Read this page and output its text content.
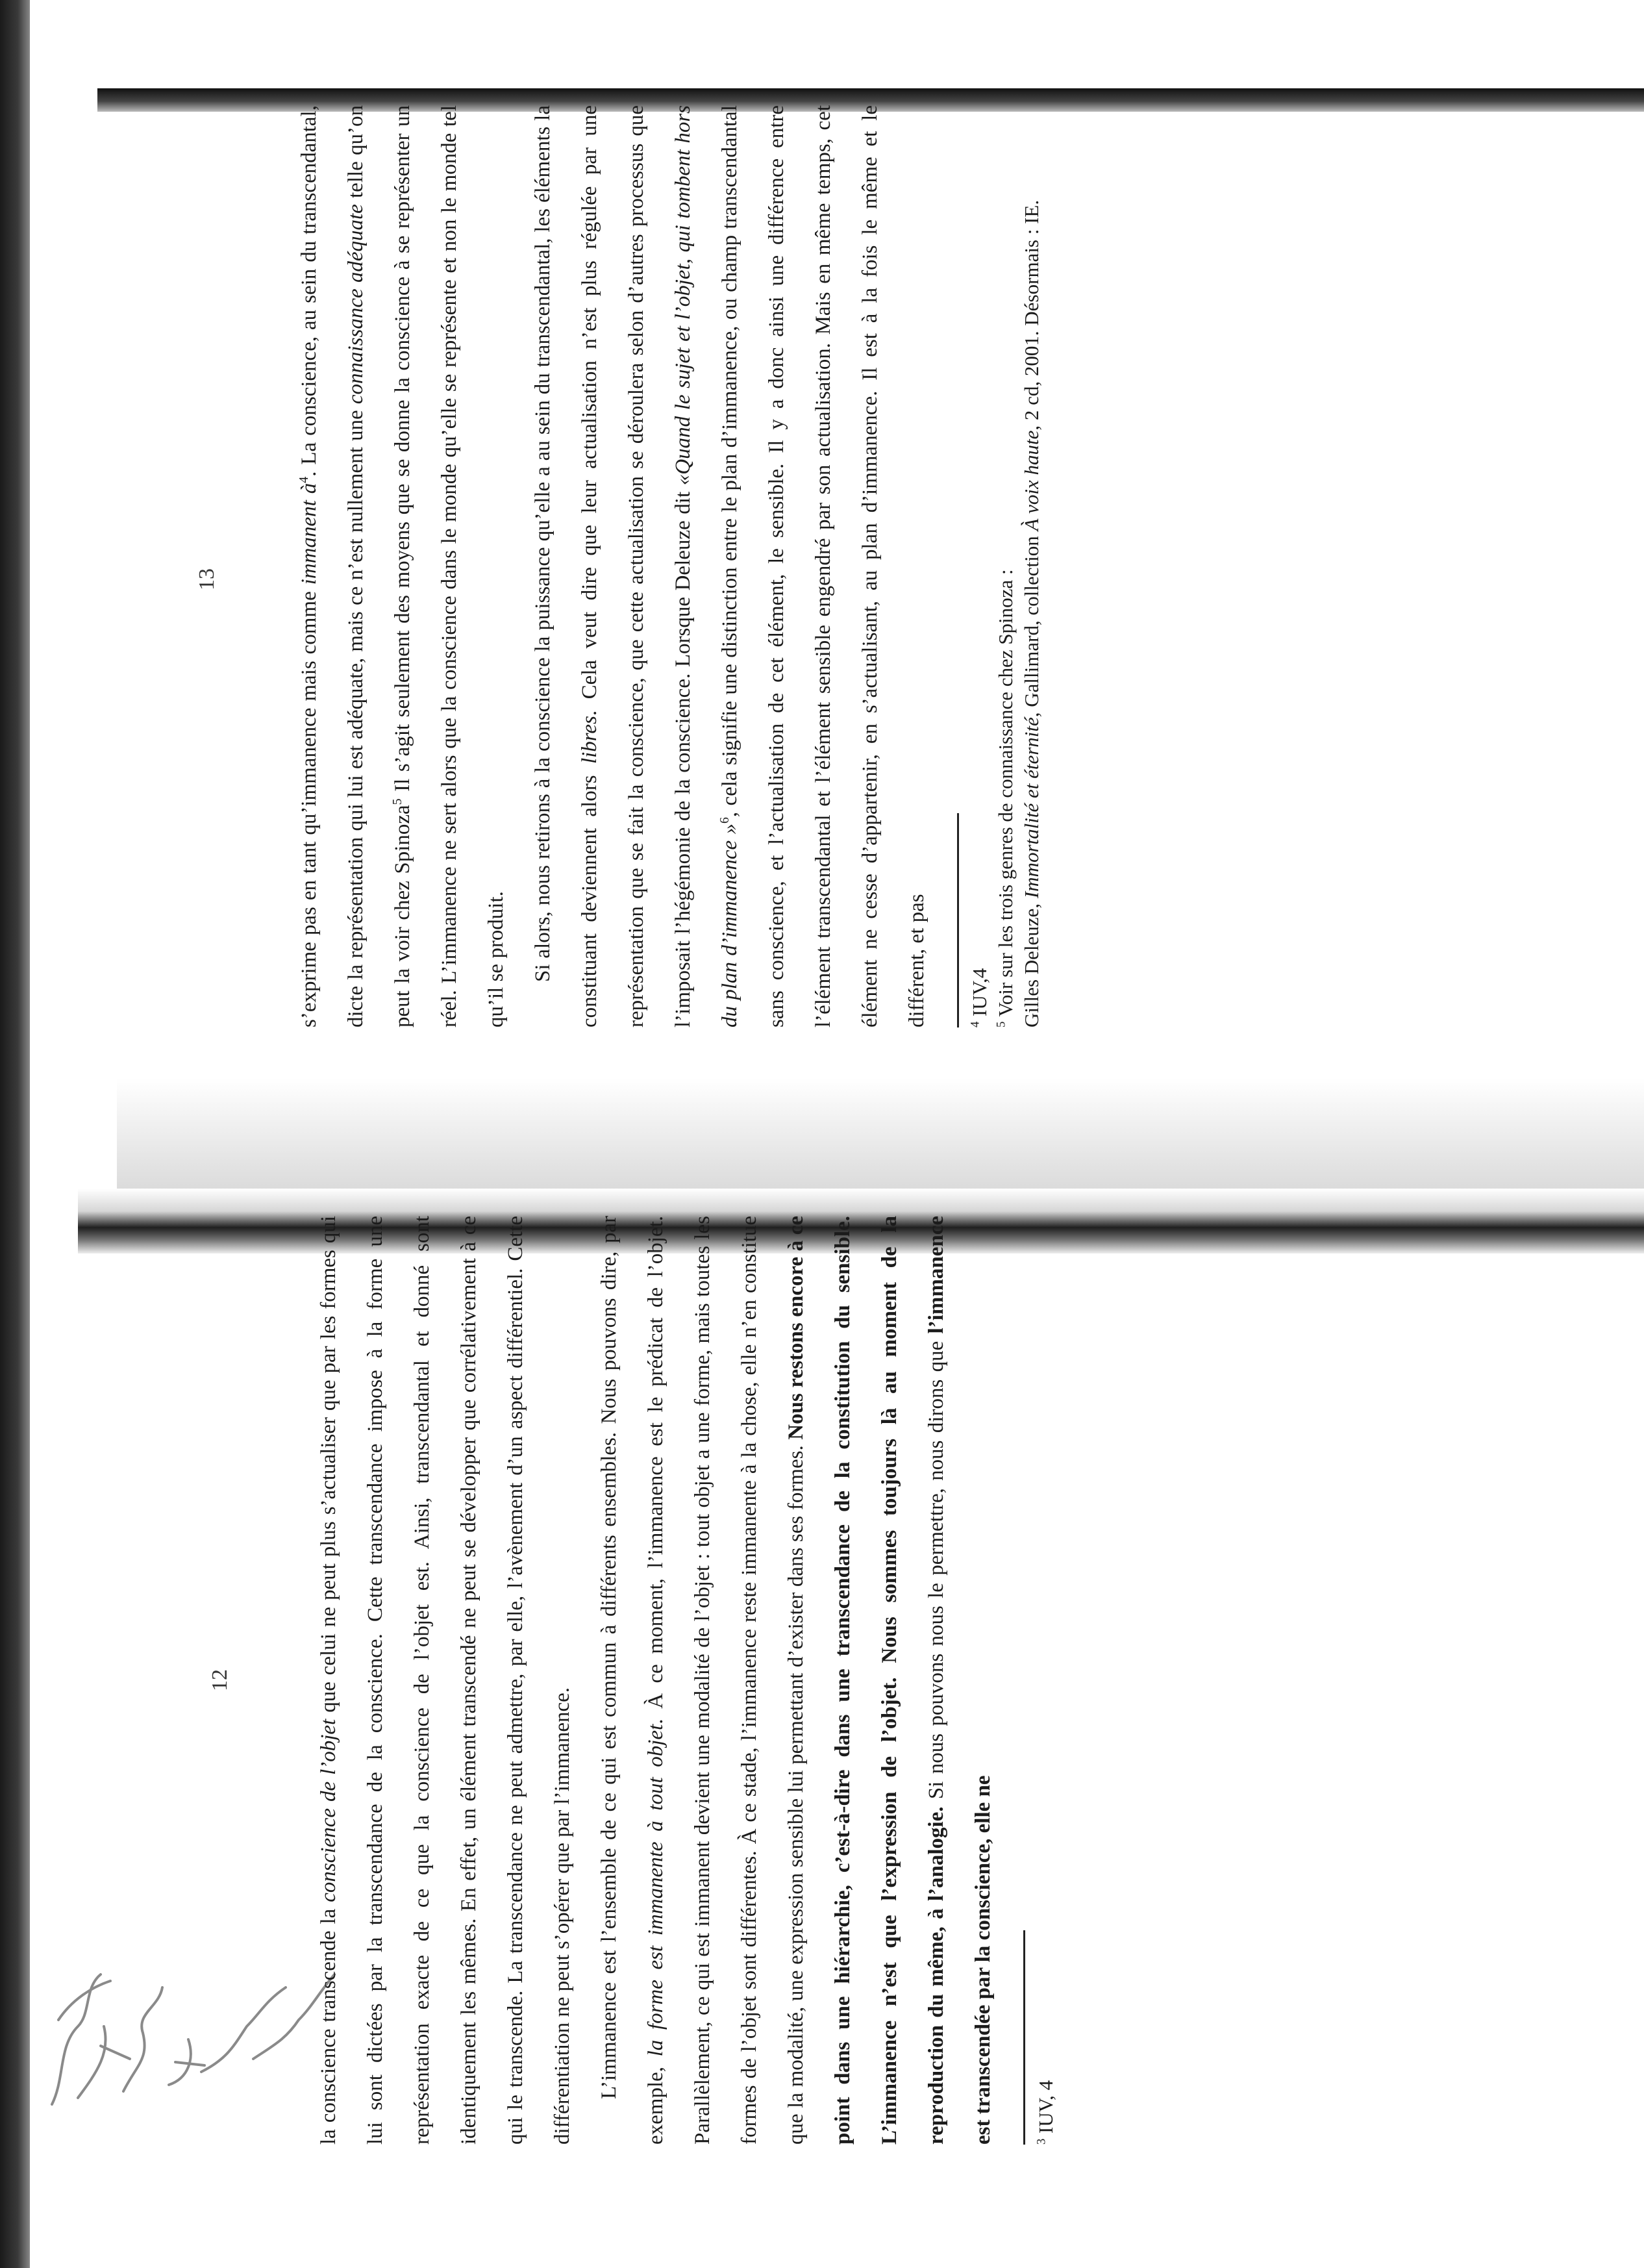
12

la conscience transcende la conscience de l’objet que celui ne peut plus s’actualiser que par les formes qui lui sont dictées par la transcendance de la conscience. Cette transcendance impose à la forme une représentation exacte de ce que la conscience de l’objet est. Ainsi, transcendantal et donné sont identiquement les mêmes. En effet, un élément transcendé ne peut se développer que corrélativement à ce qui le transcende. La transcendance ne peut admettre, par elle, l’avènement d’un aspect différentiel. Cette différentiation ne peut s’opérer que par l’immanence.	L’immanence est l’ensemble de ce qui est commun à différents ensembles. Nous pouvons dire, par exemple, la forme est immanente à tout objet. À ce moment, l’immanence est le prédicat de l’objet. Parallèlement, ce qui est immanent devient une modalité de l’objet : tout objet a une forme, mais toutes les formes de l’objet sont différentes. À ce stade, l’immanence reste immanente à la chose, elle n’en constitue que la modalité, une expression sensible lui permettant d’exister dans ses formes. Nous restons encore à ce point dans une hiérarchie, c’est-à-dire dans une transcendance de la constitution du sensible. L’immanence n’est que l’expression de l’objet. Nous sommes toujours là au moment de la reproduction du même, à l’analogie. Si nous pouvons nous le permettre, nous dirons que l’immanence est transcendée par la conscience, elle ne	$^3$ IUV, 4
13

s’exprime pas en tant qu’immanence mais comme immanent $à^4$. La conscience, au sein du transcendantal, dicte la représentation qui lui est adéquate, mais ce n’est nullement une connaissance adéquate telle qu’on peut la voir chez Spinoza$^5$ Il s’agit seulement des moyens que se donne la conscience à se représenter un réel. L’immanence ne sert alors que la conscience dans le monde qu’elle se représente et non le monde tel qu’il se produit.	Si alors, nous retirons à la conscience la puissance qu’elle a au sein du transcendantal, les éléments la constituant deviennent alors libres. Cela veut dire que leur actualisation n’est plus régulée par une représentation que se fait la conscience, que cette actualisation se déroulera selon d’autres processus que l’imposait l’hégémonie de la conscience. Lorsque Deleuze dit «Quand le sujet et l’objet, qui tombent hors du plan d’immanence »$^6$, cela signifie une distinction entre le plan d’immanence, ou champ transcendantal sans conscience, et l’actualisation de cet élément, le sensible. Il y a donc ainsi une différence entre l’élément transcendantal et l’élément sensible engendré par son actualisation. Mais en même temps, cet élément ne cesse d’appartenir, en s’actualisant, au plan d’immanence. Il est à la fois le même et le différent, et pas	$^4$ IUV,4
$^5$ Voir sur les trois genres de connaissance chez Spinoza : Gilles Deleuze, Immortalité et éternité, Gallimard, collection À voix haute, 2 cd, 2001. Désormais : IE.
